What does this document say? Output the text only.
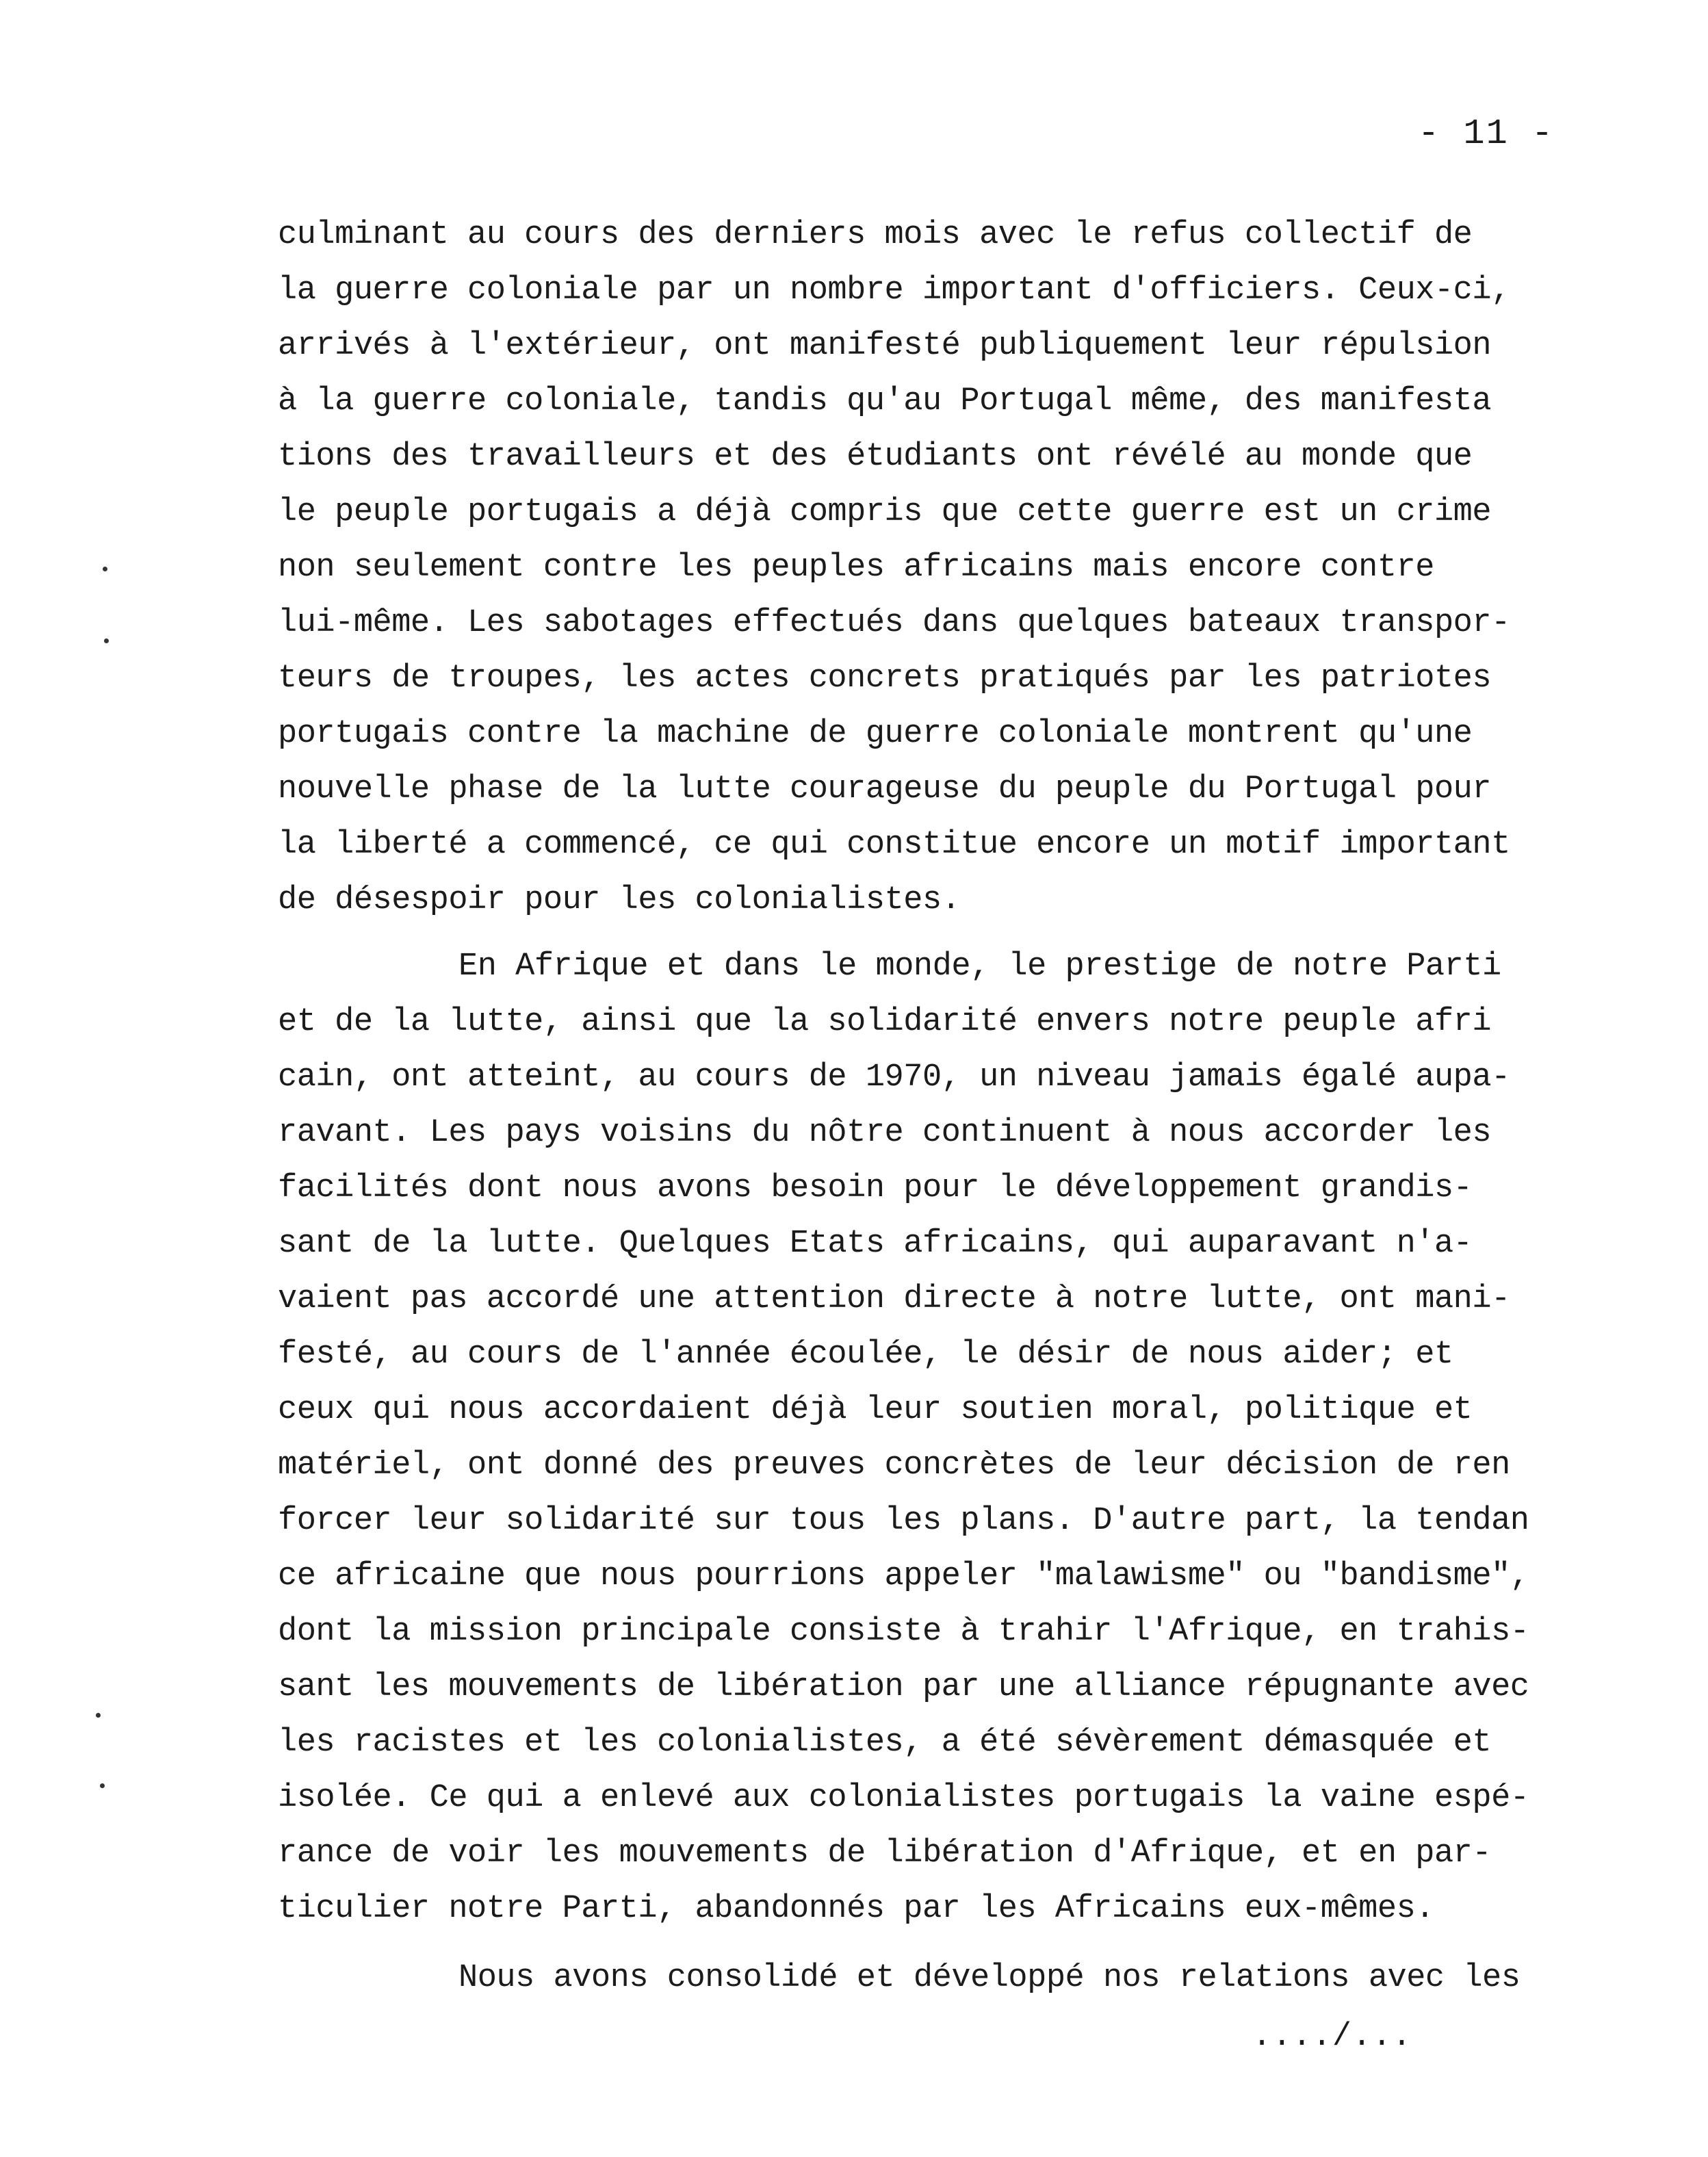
- 11 -
culminant au cours des derniers mois avec le refus collectif de
la guerre coloniale par un nombre important d'officiers. Ceux-ci,
arrivés à l'extérieur, ont manifesté publiquement leur répulsion
à la guerre coloniale, tandis qu'au Portugal même, des manifesta
tions des travailleurs et des étudiants ont révélé au monde que
le peuple portugais a déjà compris que cette guerre est un crime
non seulement contre les peuples africains mais encore contre
lui-même. Les sabotages effectués dans quelques bateaux transpor-
teurs de troupes, les actes concrets pratiqués par les patriotes
portugais contre la machine de guerre coloniale montrent qu'une
nouvelle phase de la lutte courageuse du peuple du Portugal pour
la liberté a commencé, ce qui constitue encore un motif important
de désespoir pour les colonialistes.
En Afrique et dans le monde, le prestige de notre Parti
et de la lutte, ainsi que la solidarité envers notre peuple afri
cain, ont atteint, au cours de 1970, un niveau jamais égalé aupa-
ravant. Les pays voisins du nôtre continuent à nous accorder les
facilités dont nous avons besoin pour le développement grandis-
sant de la lutte. Quelques Etats africains, qui auparavant n'a-
vaient pas accordé une attention directe à notre lutte, ont mani-
festé, au cours de l'année écoulée, le désir de nous aider; et
ceux qui nous accordaient déjà leur soutien moral, politique et
matériel, ont donné des preuves concrètes de leur décision de ren
forcer leur solidarité sur tous les plans. D'autre part, la tendan
ce africaine que nous pourrions appeler "malawisme" ou "bandisme",
dont la mission principale consiste à trahir l'Afrique, en trahis-
sant les mouvements de libération par une alliance répugnante avec
les racistes et les colonialistes, a été sévèrement démasquée et
isolée. Ce qui a enlevé aux colonialistes portugais la vaine espé-
rance de voir les mouvements de libération d'Afrique, et en par-
ticulier notre Parti, abandonnés par les Africains eux-mêmes.
Nous avons consolidé et développé nos relations avec les
..../...
